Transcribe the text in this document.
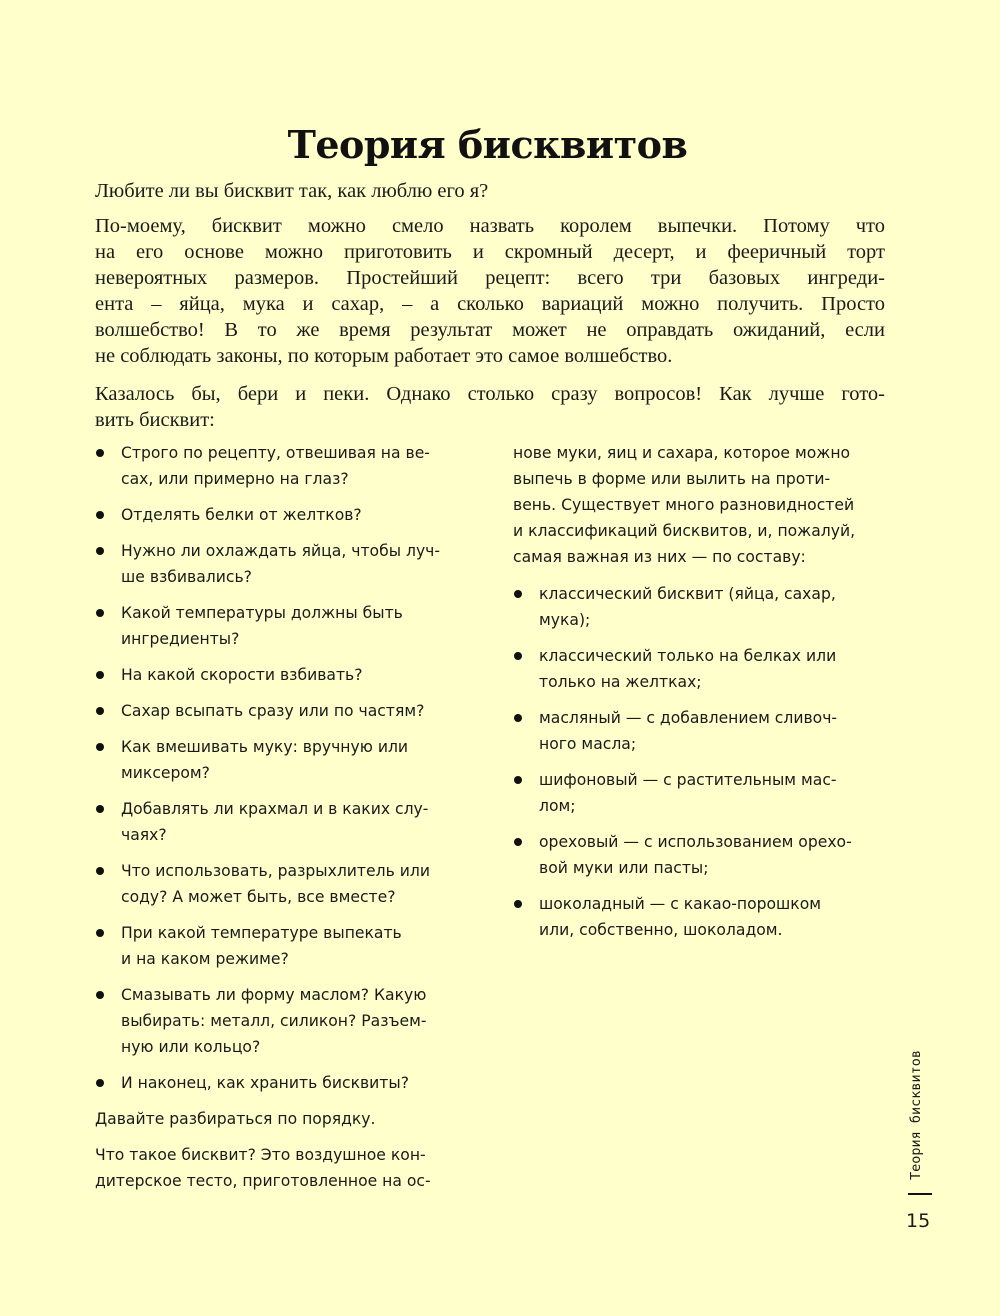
Теория бисквитов
Любите ли вы бисквит так, как люблю его я?
По-моему, бисквит можно смело назвать королем выпечки. Потому что
на его основе можно приготовить и скромный десерт, и фееричный торт
невероятных размеров. Простейший рецепт: всего три базовых ингреди-
ента – яйца, мука и сахар, – а сколько вариаций можно получить. Просто
волшебство! В то же время результат может не оправдать ожиданий, если
не соблюдать законы, по которым работает это самое волшебство.
Казалось бы, бери и пеки. Однако столько сразу вопросов! Как лучше гото-
вить бисквит:
Строго по рецепту, отвешивая на ве-
сах, или примерно на глаз?
Отделять белки от желтков?
Нужно ли охлаждать яйца, чтобы луч-
ше взбивались?
Какой температуры должны быть
ингредиенты?
На какой скорости взбивать?
Сахар всыпать сразу или по частям?
Как вмешивать муку: вручную или
миксером?
Добавлять ли крахмал и в каких слу-
чаях?
Что использовать, разрыхлитель или
соду? А может быть, все вместе?
При какой температуре выпекать
и на каком режиме?
Смазывать ли форму маслом? Какую
выбирать: металл, силикон? Разъем-
ную или кольцо?
И наконец, как хранить бисквиты?
Давайте разбираться по порядку.
Что такое бисквит? Это воздушное кон-
дитерское тесто, приготовленное на ос-
нове муки, яиц и сахара, которое можно
выпечь в форме или вылить на проти-
вень. Существует много разновидностей
и классификаций бисквитов, и, пожалуй,
самая важная из них — по составу:
классический бисквит (яйца, сахар,
мука);
классический только на белках или
только на желтках;
масляный — с добавлением сливоч-
ного масла;
шифоновый — с растительным мас-
лом;
ореховый — с использованием орехо-
вой муки или пасты;
шоколадный — с какао-порошком
или, собственно, шоколадом.
Теория бисквитов
15
